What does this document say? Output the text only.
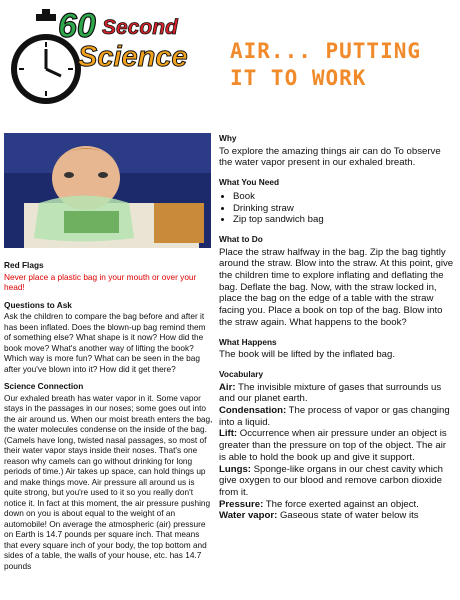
60 Second
Science AIR... PUTTING
IT TO WORK
Red Flags

Never place a plastic bag in your mouth or over your head!

Questions to Ask

Ask the children to compare the bag before and after it has been inflated. Does the blown-up bag remind them of something else? What shape is it now? How did the book move? What's another way of lifting the book? Which way is more fun? What can be seen in the bag after you've blown into it? How did it get there?

Science Connection

Our exhaled breath has water vapor in it. Some vapor stays in the passages in our noses; some goes out into the air around us. When our moist breath enters the bag, the water molecules condense on the inside of the bag. (Camels have long, twisted nasal passages, so most of their water vapor stays inside their noses. That's one reason why camels can go without drinking for long periods of time.) Air takes up space, can hold things up and make things move. Air pressure all around us is quite strong, but you're used to it so you really don't notice it. In fact at this moment, the air pressure pushing down on you is about equal to the weight of an automobile! On average the atmospheric (air) pressure on Earth is 14.7 pounds per square inch. That means that every square inch of your body, the top bottom and sides of a table, the walls of your house, etc. has 14.7 pounds

Why

To explore the amazing things air can do To observe the water vapor present in our exhaled breath.

What You Need
• Book
• Drinking straw
• Zip top sandwich bag
What to Do

Place the straw halfway in the bag. Zip the bag tightly around the straw. Blow into the straw. At this point, give the children time to explore inflating and deflating the bag. Deflate the bag. Now, with the straw locked in, place the bag on the edge of a table with the straw facing you. Place a book on top of the bag. Blow into the straw again. What happens to the book?

What Happens

The book will be lifted by the inflated bag.

Vocabulary

Air: The invisible mixture of gases that surrounds us and our planet earth.

Condensation: The process of vapor or gas changing into a liquid.

Lift: Occurrence when air pressure under an object is greater than the pressure on top of the object. The air is able to hold the book up and give it support.

Lungs: Sponge-like organs in our chest cavity which give oxygen to our blood and remove carbon dioxide from it.

Pressure: The force exerted against an object.

Water vapor: Gaseous state of water below its
